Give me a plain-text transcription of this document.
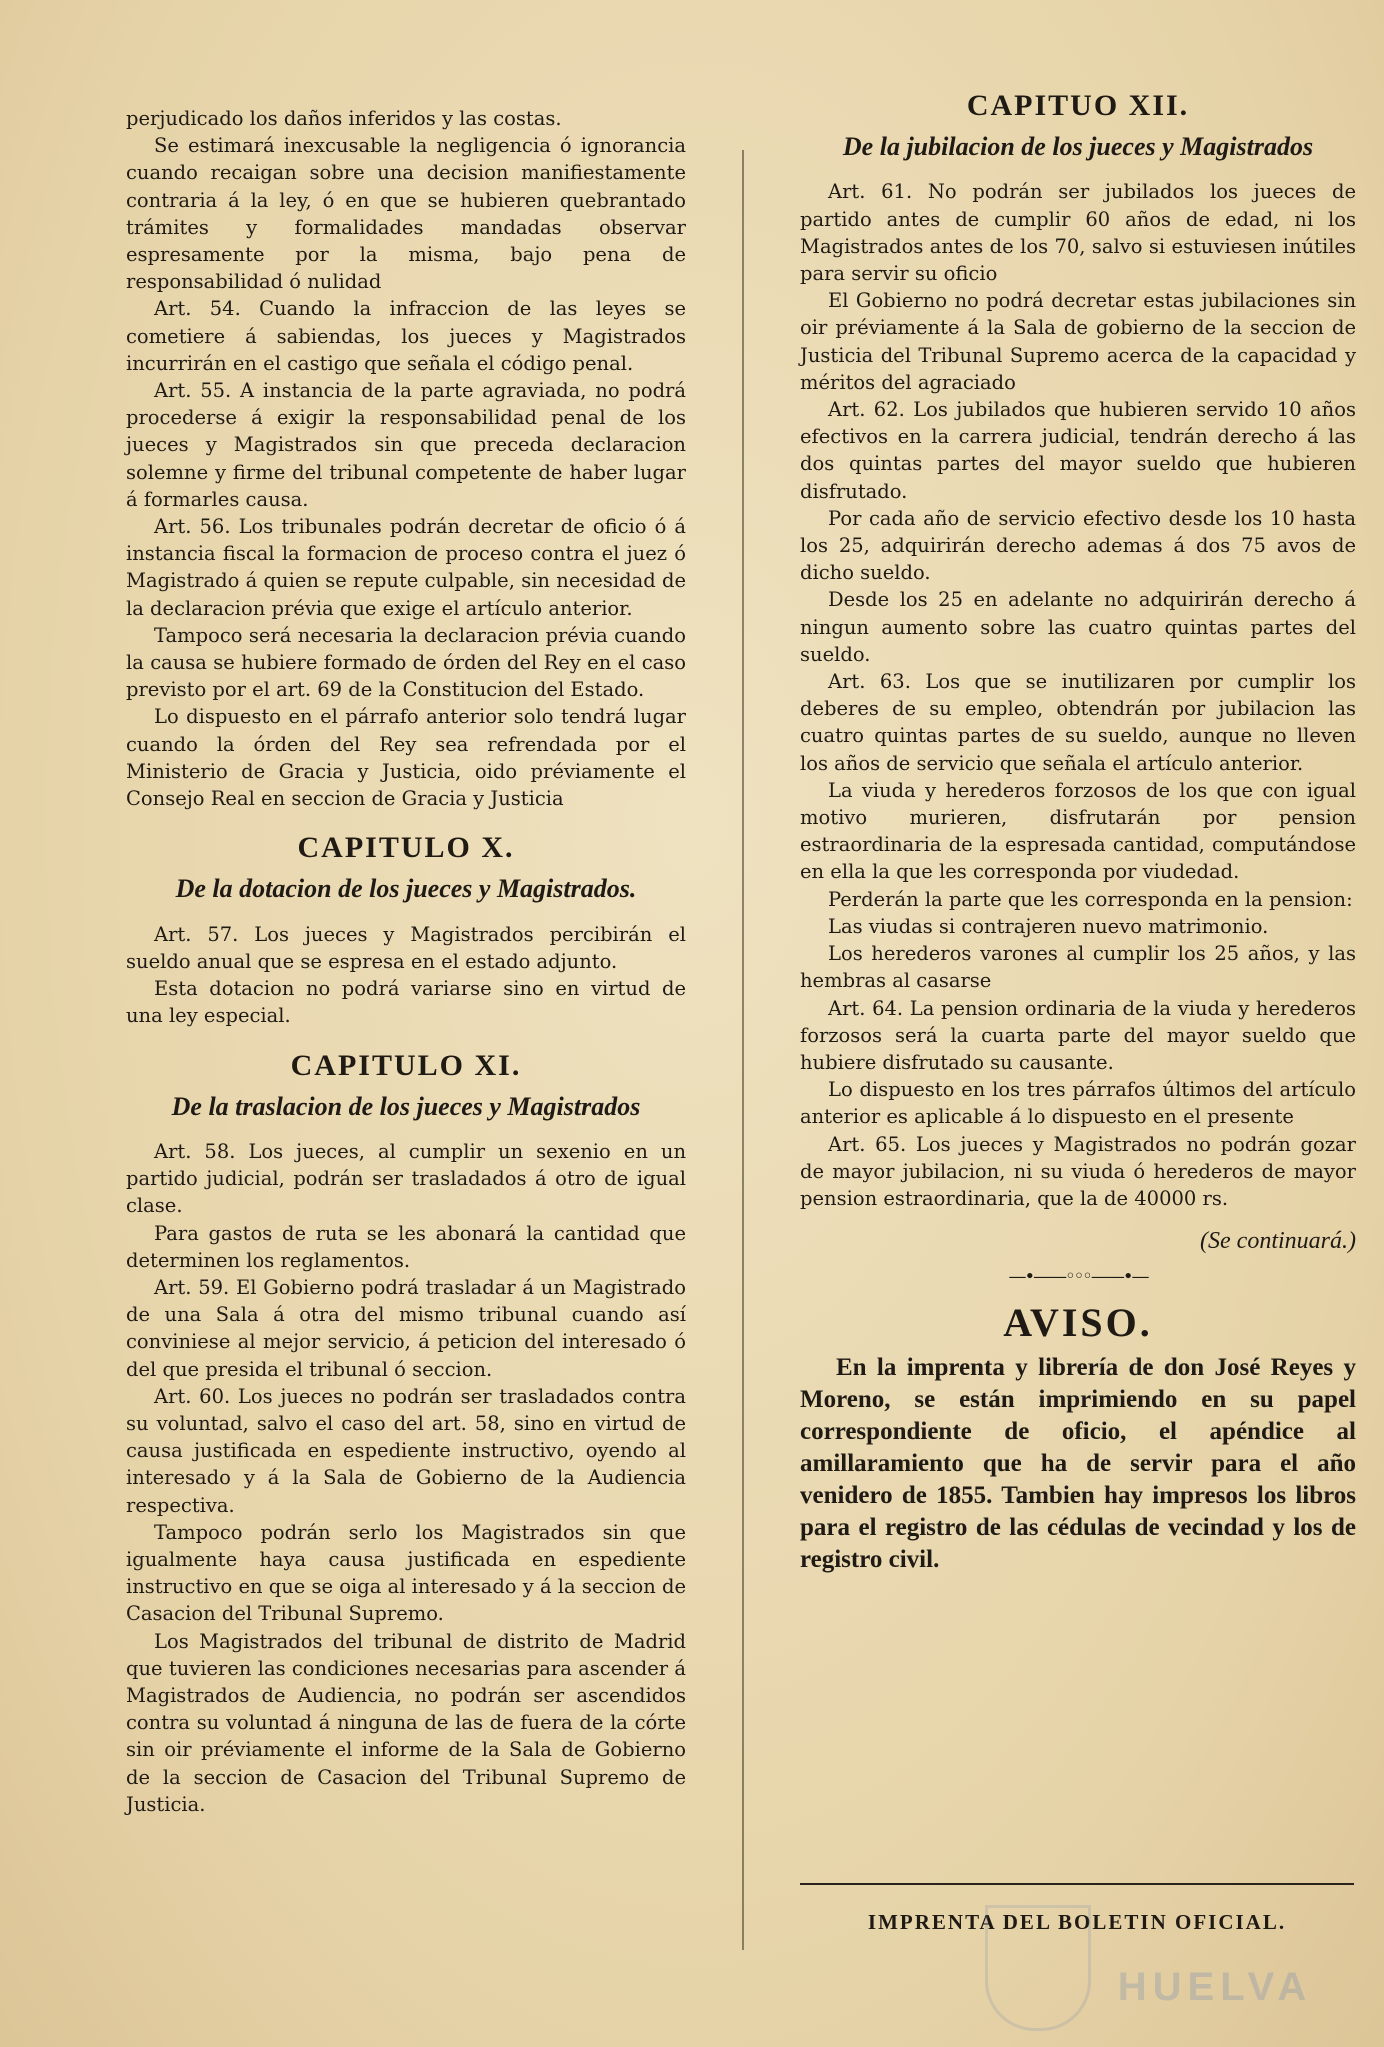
perjudicado los daños inferidos y las costas.

Se estimará inexcusable la negligencia ó ignorancia cuando recaigan sobre una decision manifiestamente contraria á la ley, ó en que se hubieren quebrantado trámites y formalidades mandadas observar espresamente por la misma, bajo pena de responsabilidad ó nulidad

Art. 54. Cuando la infraccion de las leyes se cometiere á sabiendas, los jueces y Magistrados incurrirán en el castigo que señala el código penal.

Art. 55. A instancia de la parte agraviada, no podrá procederse á exigir la responsabilidad penal de los jueces y Magistrados sin que preceda declaracion solemne y firme del tribunal competente de haber lugar á formarles causa.

Art. 56. Los tribunales podrán decretar de oficio ó á instancia fiscal la formacion de proceso contra el juez ó Magistrado á quien se repute culpable, sin necesidad de la declaracion prévia que exige el artículo anterior.

Tampoco será necesaria la declaracion prévia cuando la causa se hubiere formado de órden del Rey en el caso previsto por el art. 69 de la Constitucion del Estado.

Lo dispuesto en el párrafo anterior solo tendrá lugar cuando la órden del Rey sea refrendada por el Ministerio de Gracia y Justicia, oido préviamente el Consejo Real en seccion de Gracia y Justicia

CAPITULO X.
De la dotacion de los jueces y Magistrados.

Art. 57. Los jueces y Magistrados percibirán el sueldo anual que se espresa en el estado adjunto.

Esta dotacion no podrá variarse sino en virtud de una ley especial.

CAPITULO XI.
De la traslacion de los jueces y Magistrados

Art. 58. Los jueces, al cumplir un sexenio en un partido judicial, podrán ser trasladados á otro de igual clase.

Para gastos de ruta se les abonará la cantidad que determinen los reglamentos.

Art. 59. El Gobierno podrá trasladar á un Magistrado de una Sala á otra del mismo tribunal cuando así conviniese al mejor servicio, á peticion del interesado ó del que presida el tribunal ó seccion.

Art. 60. Los jueces no podrán ser trasladados contra su voluntad, salvo el caso del art. 58, sino en virtud de causa justificada en espediente instructivo, oyendo al interesado y á la Sala de Gobierno de la Audiencia respectiva.

Tampoco podrán serlo los Magistrados sin que igualmente haya causa justificada en espediente instructivo en que se oiga al interesado y á la seccion de Casacion del Tribunal Supremo.

Los Magistrados del tribunal de distrito de Madrid que tuvieren las condiciones necesarias para ascender á Magistrados de Audiencia, no podrán ser ascendidos contra su voluntad á ninguna de las de fuera de la córte sin oir préviamente el informe de la Sala de Gobierno de la seccion de Casacion del Tribunal Supremo de Justicia.

CAPITUO XII.
De la jubilacion de los jueces y Magistrados

Art. 61. No podrán ser jubilados los jueces de partido antes de cumplir 60 años de edad, ni los Magistrados antes de los 70, salvo si estuviesen inútiles para servir su oficio

El Gobierno no podrá decretar estas jubilaciones sin oir préviamente á la Sala de gobierno de la seccion de Justicia del Tribunal Supremo acerca de la capacidad y méritos del agraciado

Art. 62. Los jubilados que hubieren servido 10 años efectivos en la carrera judicial, tendrán derecho á las dos quintas partes del mayor sueldo que hubieren disfrutado.

Por cada año de servicio efectivo desde los 10 hasta los 25, adquirirán derecho ademas á dos 75 avos de dicho sueldo.

Desde los 25 en adelante no adquirirán derecho á ningun aumento sobre las cuatro quintas partes del sueldo.

Art. 63. Los que se inutilizaren por cumplir los deberes de su empleo, obtendrán por jubilacion las cuatro quintas partes de su sueldo, aunque no lleven los años de servicio que señala el artículo anterior.

La viuda y herederos forzosos de los que con igual motivo murieren, disfrutarán por pension estraordinaria de la espresada cantidad, computándose en ella la que les corresponda por viudedad.

Perderán la parte que les corresponda en la pension:

Las viudas si contrajeren nuevo matrimonio.

Los herederos varones al cumplir los 25 años, y las hembras al casarse

Art. 64. La pension ordinaria de la viuda y herederos forzosos será la cuarta parte del mayor sueldo que hubiere disfrutado su causante.

Lo dispuesto en los tres párrafos últimos del artículo anterior es aplicable á lo dispuesto en el presente

Art. 65. Los jueces y Magistrados no podrán gozar de mayor jubilacion, ni su viuda ó herederos de mayor pension estraordinaria, que la de 40000 rs.

(Se continuará.)
—•——◦◦◦——•—
AVISO.

En la imprenta y librería de don José Reyes y Moreno, se están imprimiendo en su papel correspondiente de oficio, el apéndice al amillaramiento que ha de servir para el año venidero de 1855. Tambien hay impresos los libros para el registro de las cédulas de vecindad y los de registro civil.

IMPRENTA DEL BOLETIN OFICIAL.
HUELVA
